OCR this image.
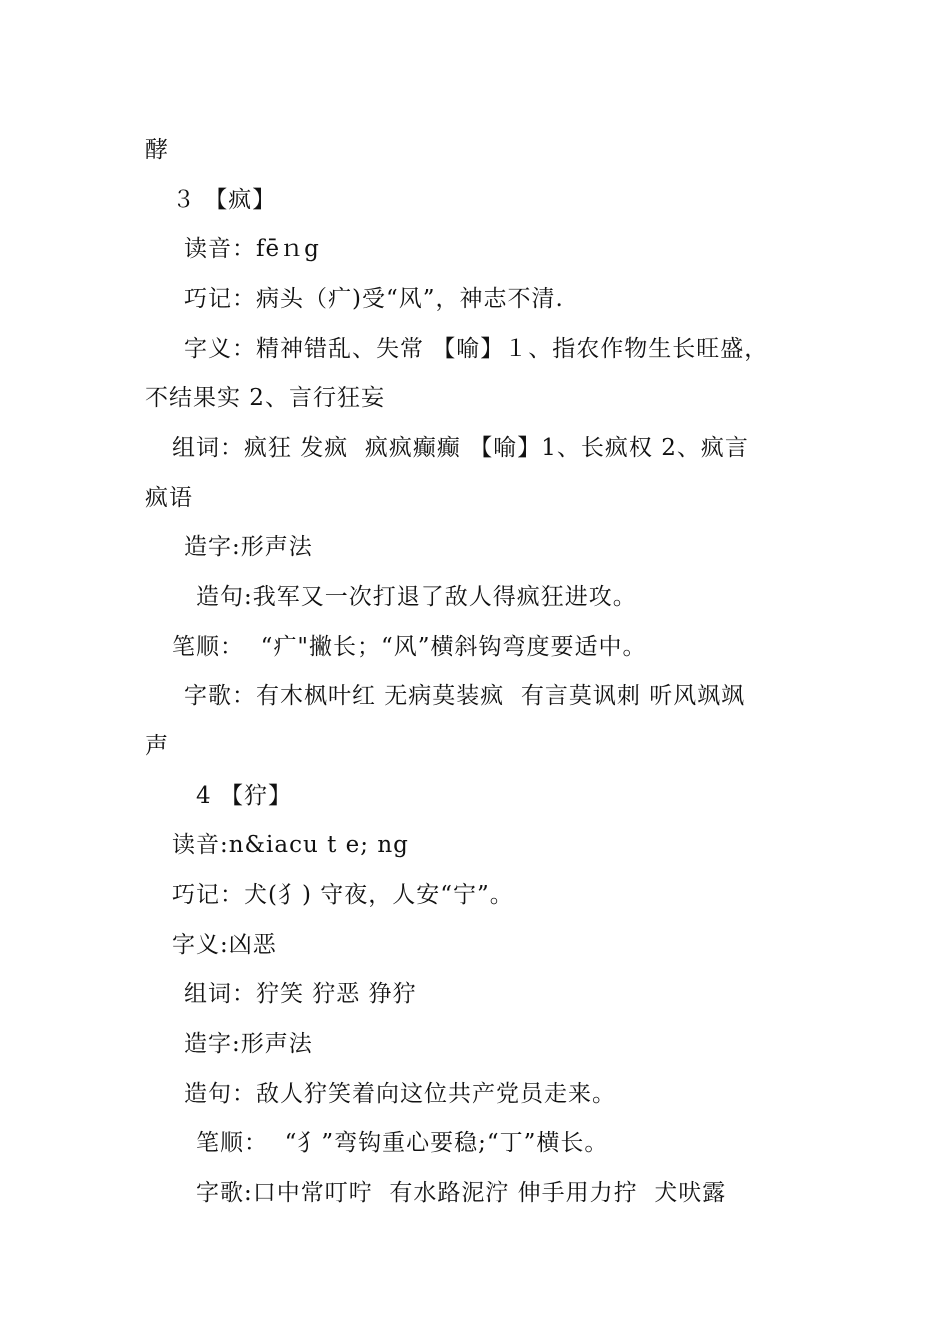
酵
３ 【疯】
读音：fēｎg
巧记：病头（疒)受“风”，神志不清.
字义：精神错乱、失常 【喻】１、指农作物生长旺盛，
不结果实 2、言行狂妄
组词：疯狂 发疯  疯疯癫癫 【喻】1、长疯权 2、疯言
疯语
造字:形声法
造句:我军又一次打退了敌人得疯狂进攻。
笔顺：  “疒"撇长；“风”横斜钩弯度要适中。
字歌：有木枫叶红 无病莫装疯  有言莫讽刺 听风飒飒
声
4 【狞】
读音:n&iacu t e; ng
巧记：犬(犭) 守夜，人安“宁”。
字义:凶恶
组词：狞笑 狞恶 狰狞
造字:形声法
造句：敌人狞笑着向这位共产党员走来。
笔顺：  “犭”弯钩重心要稳;“丁”横长。
字歌:口中常叮咛  有水路泥泞 伸手用力拧  犬吠露
